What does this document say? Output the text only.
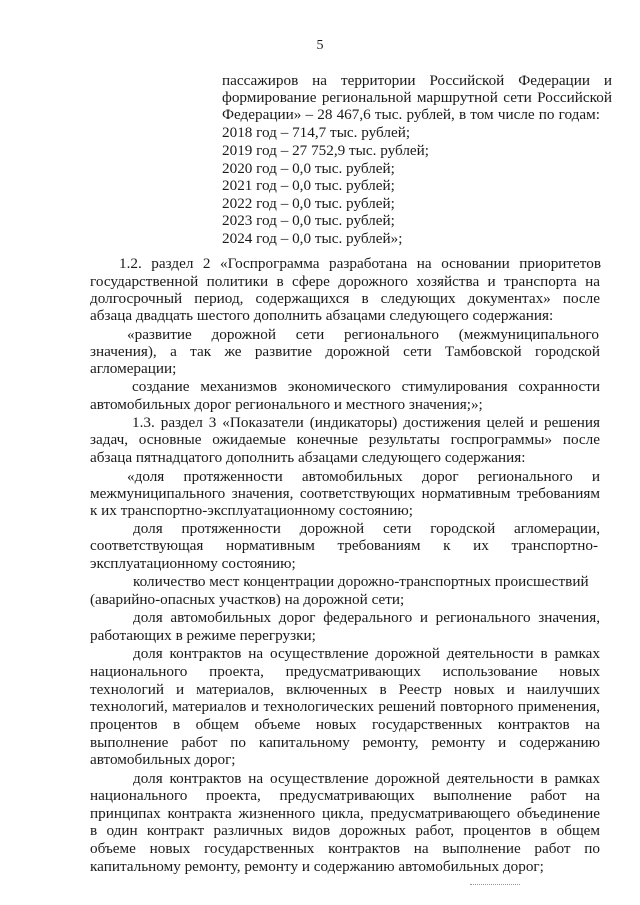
5
пассажиров на территории Российской Федерации и
формирование региональной маршрутной сети Российской
Федерации» – 28 467,6 тыс. рублей, в том числе по годам:
2018 год – 714,7 тыс. рублей;
2019 год – 27 752,9 тыс. рублей;
2020 год – 0,0 тыс. рублей;
2021 год – 0,0 тыс. рублей;
2022 год – 0,0 тыс. рублей;
2023 год – 0,0 тыс. рублей;
2024 год – 0,0 тыс. рублей»;
1.2. раздел 2 «Госпрограмма разработана на основании приоритетов
государственной политики в сфере дорожного хозяйства и транспорта на
долгосрочный период, содержащихся в следующих документах» после
абзаца двадцать шестого дополнить абзацами следующего содержания:
«развитие дорожной сети регионального (межмуниципального
значения), а так же развитие дорожной сети Тамбовской городской
агломерации;
создание механизмов экономического стимулирования сохранности
автомобильных дорог регионального и местного значения;»;
1.3. раздел 3 «Показатели (индикаторы) достижения целей и решения
задач, основные ожидаемые конечные результаты госпрограммы» после
абзаца пятнадцатого дополнить абзацами следующего содержания:
«доля протяженности автомобильных дорог регионального и
межмуниципального значения, соответствующих нормативным требованиям
к их транспортно-эксплуатационному состоянию;
доля протяженности дорожной сети городской агломерации,
соответствующая нормативным требованиям к их транспортно-
эксплуатационному состоянию;
количество мест концентрации дорожно-транспортных происшествий
(аварийно-опасных участков) на дорожной сети;
доля автомобильных дорог федерального и регионального значения,
работающих в режиме перегрузки;
доля контрактов на осуществление дорожной деятельности в рамках
национального проекта, предусматривающих использование новых
технологий и материалов, включенных в Реестр новых и наилучших
технологий, материалов и технологических решений повторного применения,
процентов в общем объеме новых государственных контрактов на
выполнение работ по капитальному ремонту, ремонту и содержанию
автомобильных дорог;
доля контрактов на осуществление дорожной деятельности в рамках
национального проекта, предусматривающих выполнение работ на
принципах контракта жизненного цикла, предусматривающего объединение
в один контракт различных видов дорожных работ, процентов в общем
объеме новых государственных контрактов на выполнение работ по
капитальному ремонту, ремонту и содержанию автомобильных дорог;
